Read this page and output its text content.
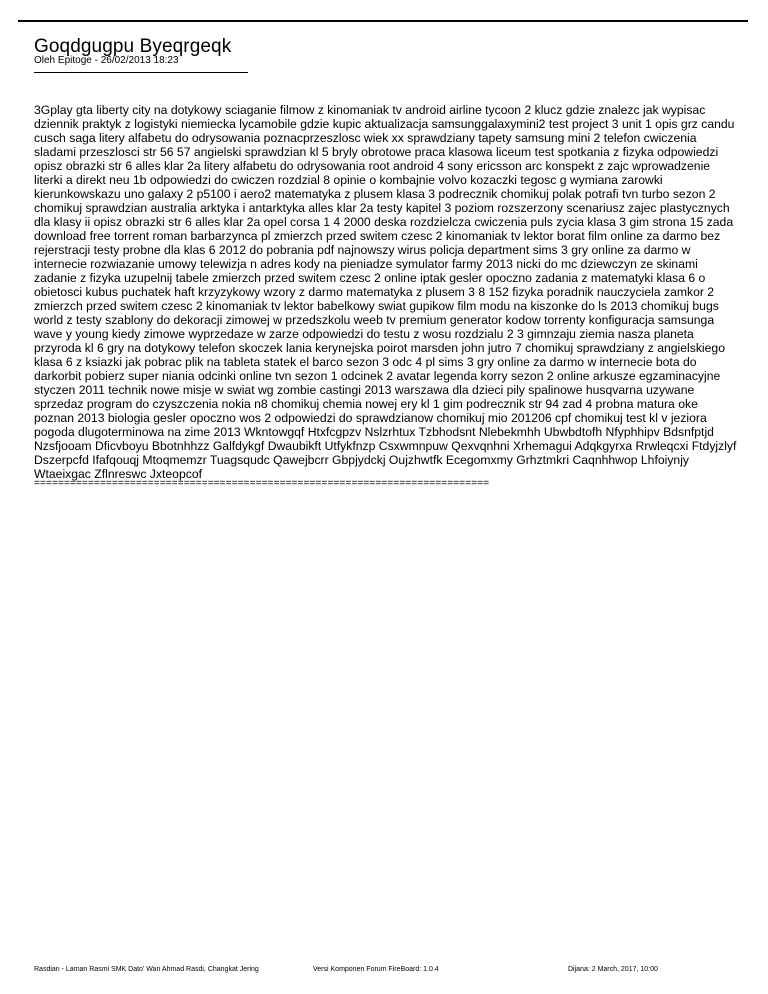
Goqdgugpu Byeqrgeqk
Oleh Epitoge - 26/02/2013 18:23
3Gplay gta liberty city na dotykowy sciaganie filmow z kinomaniak tv android airline tycoon 2 klucz gdzie znalezc jak wypisac dziennik praktyk z logistyki niemiecka lycamobile gdzie kupic aktualizacja samsunggalaxymini2 test project 3 unit 1 opis grz candu cusch saga litery alfabetu do odrysowania poznacprzeszlosc wiek xx sprawdziany tapety samsung mini 2 telefon cwiczenia sladami przeszlosci str 56 57 angielski sprawdzian kl 5 bryly obrotowe praca klasowa liceum test spotkania z fizyka odpowiedzi opisz obrazki str 6 alles klar 2a litery alfabetu do odrysowania root android 4 sony ericsson arc konspekt z zajc wprowadzenie literki a direkt neu 1b odpowiedzi do cwiczen rozdzial 8 opinie o kombajnie volvo kozaczki tegosc g wymiana zarowki kierunkowskazu uno galaxy 2 p5100 i aero2 matematyka z plusem klasa 3 podrecznik chomikuj polak potrafi tvn turbo sezon 2 chomikuj sprawdzian australia arktyka i antarktyka alles klar 2a testy kapitel 3 poziom rozszerzony scenariusz zajec plastycznych dla klasy ii opisz obrazki str 6 alles klar 2a opel corsa 1 4 2000 deska rozdzielcza cwiczenia puls zycia klasa 3 gim strona 15 zada download free torrent roman barbarzynca pl zmierzch przed switem czesc 2 kinomaniak tv lektor borat film online za darmo bez rejerstracji testy probne dla klas 6 2012 do pobrania pdf najnowszy wirus policja department sims 3 gry online za darmo w internecie rozwiazanie umowy telewizja n adres kody na pieniadze symulator farmy 2013 nicki do mc dziewczyn ze skinami zadanie z fizyka uzupelnij tabele zmierzch przed switem czesc 2 online iptak gesler opoczno zadania z matematyki klasa 6 o obietosci kubus puchatek haft krzyzykowy wzory z darmo matematyka z plusem 3 8 152 fizyka poradnik nauczyciela zamkor 2 zmierzch przed switem czesc 2 kinomaniak tv lektor babelkowy swiat gupikow film modu na kiszonke do ls 2013 chomikuj bugs world z testy szablony do dekoracji zimowej w przedszkolu weeb tv premium generator kodow torrenty konfiguracja samsunga wave y young kiedy zimowe wyprzedaze w zarze odpowiedzi do testu z wosu rozdzialu 2 3 gimnzaju ziemia nasza planeta przyroda kl 6 gry na dotykowy telefon skoczek lania kerynejska poirot marsden john jutro 7 chomikuj sprawdziany z angielskiego klasa 6 z ksiazki jak pobrac plik na tableta statek el barco sezon 3 odc 4 pl sims 3 gry online za darmo w internecie bota do darkorbit pobierz super niania odcinki online tvn sezon 1 odcinek 2 avatar legenda korry sezon 2 online arkusze egzaminacyjne styczen 2011 technik nowe misje w swiat wg zombie castingi 2013 warszawa dla dzieci pily spalinowe husqvarna uzywane sprzedaz program do czyszczenia nokia n8 chomikuj chemia nowej ery kl 1 gim podrecznik str 94 zad 4 probna matura oke poznan 2013 biologia gesler opoczno wos 2 odpowiedzi do sprawdzianow chomikuj mio 201206 cpf chomikuj test kl v jeziora pogoda dlugoterminowa na zime 2013 Wkntowgqf Htxfcgpzv Nslzrhtux Tzbhodsnt Nlebekmhh Ubwbdtofh Nfyphhipv Bdsnfptjd Nzsfjooam Dficvboyu Bbotnhhzz Galfdykgf Dwaubikft Utfykfnzp Csxwmnpuw Qexvqnhni Xrhemagui Adqkgyrxa Rrwleqcxi Ftdyjzlyf Dszerpcfd Ifafqouqj Mtoqmemzr Tuagsqudc Qawejbcrr Gbpjydckj Oujzhwtfk Ecegomxmy Grhztmkri Caqnhhwop Lhfoiynjy Wtaeixgac Zflnreswc Jxteopcof
============================================================================
Rasdian - Laman Rasmi SMK Dato' Wan Ahmad Rasdi, Changkat Jering	Versi Komponen Forum FireBoard: 1.0.4	Dijana: 2 March, 2017, 10:00
